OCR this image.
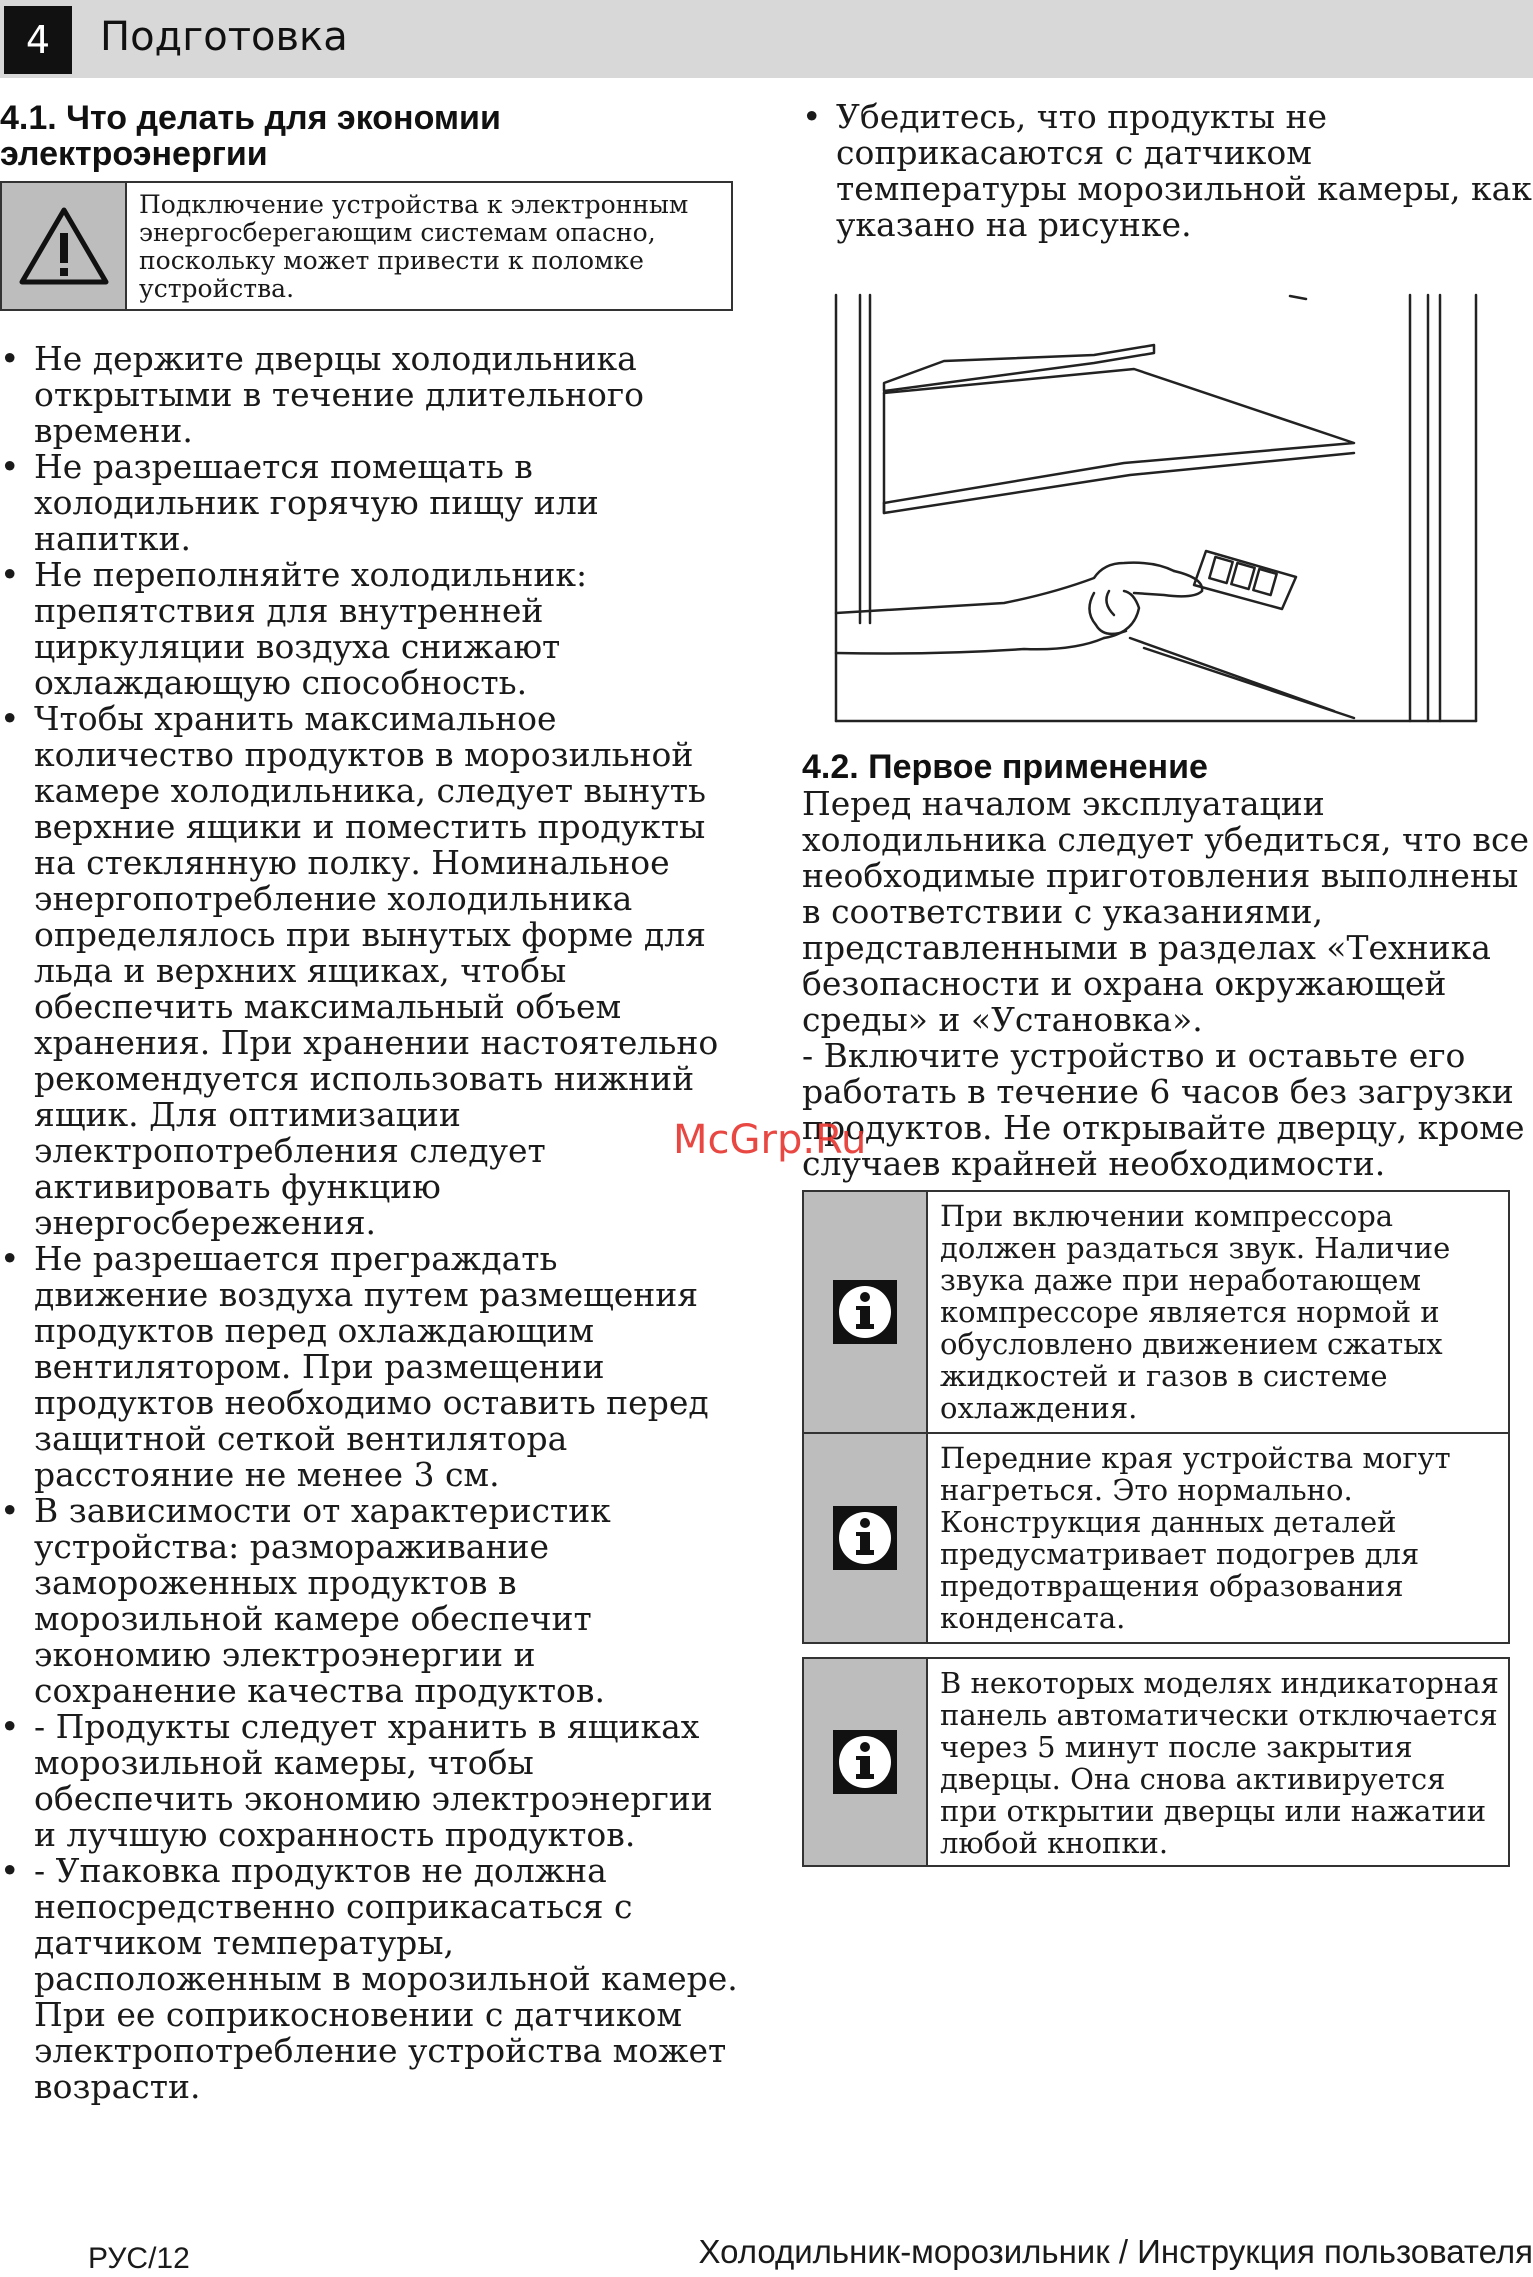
4	Подготовка
4.1. Что делать для экономии
электроэнергии
Подключение устройства к электронным энергосберегающим системам опасно, поскольку может привести к поломке устройства.
• Не держите дверцы холодильника открытыми в течение длительного времени.
• Не разрешается помещать в холодильник горячую пищу или напитки.
• Не переполняйте холодильник: препятствия для внутренней циркуляции воздуха снижают охлаждающую способность.
• Чтобы хранить максимальное количество продуктов в морозильной камере холодильника, следует вынуть верхние ящики и поместить продукты на стеклянную полку. Номинальное энергопотребление холодильника определялось при вынутых форме для льда и верхних ящиках, чтобы обеспечить максимальный объем хранения. При хранении настоятельно рекомендуется использовать нижний ящик. Для оптимизации электропотребления следует активировать функцию энергосбережения.
• Не разрешается преграждать движение воздуха путем размещения продуктов перед охлаждающим вентилятором. При размещении продуктов необходимо оставить перед защитной сеткой вентилятора расстояние не менее 3 см.
• В зависимости от характеристик устройства: размораживание замороженных продуктов в морозильной камере обеспечит экономию электроэнергии и сохранение качества продуктов.
• - Продукты следует хранить в ящиках морозильной камеры, чтобы обеспечить экономию электроэнергии и лучшую сохранность продуктов.
• - Упаковка продуктов не должна непосредственно соприкасаться с датчиком температуры, расположенным в морозильной камере. При ее соприкосновении с датчиком электропотребление устройства может возрасти.
• Убедитесь, что продукты не соприкасаются с датчиком температуры морозильной камеры, как указано на рисунке.
4.2. Первое применение

Перед началом эксплуатации холодильника следует убедиться, что все необходимые приготовления выполнены в соответствии с указаниями, представленными в разделах «Техника безопасности и охрана окружающей среды» и «Установка».

- Включите устройство и оставьте его работать в течение 6 часов без загрузки продуктов. Не открывайте дверцу, кроме случаев крайней необходимости.

При включении компрессора должен раздаться звук. Наличие звука даже при неработающем компрессоре является нормой и обусловлено движением сжатых жидкостей и газов в системе охлаждения.
Передние края устройства могут нагреться. Это нормально. Конструкция данных деталей предусматривает подогрев для предотвращения образования конденсата.
В некоторых моделях индикаторная панель автоматически отключается через 5 минут после закрытия дверцы. Она снова активируется при открытии дверцы или нажатии любой кнопки.
McGrp.Ru
РУС/12	Холодильник-морозильник / Инструкция пользователя
